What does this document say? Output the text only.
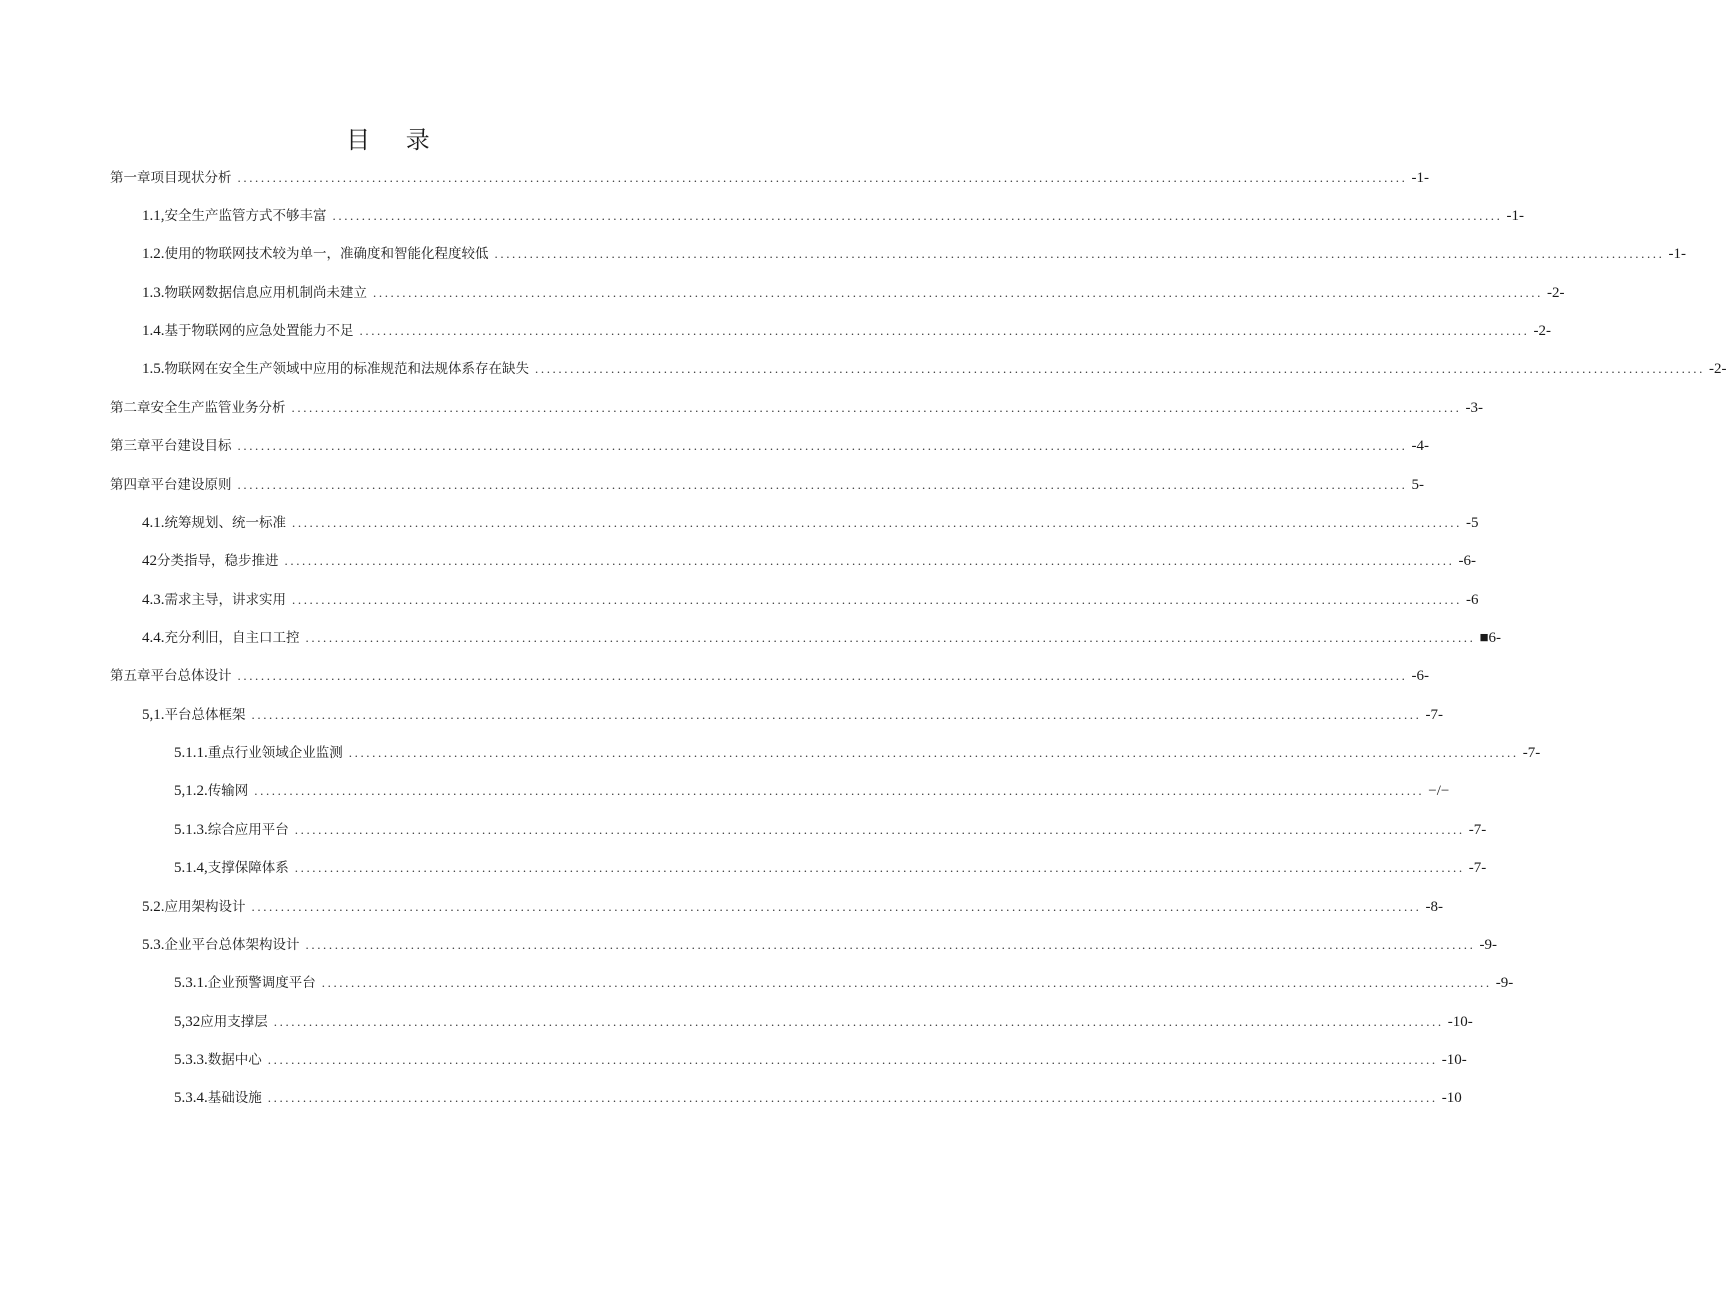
目 录
第一章项目现状分析 ........................................................................................................................................................................................................ -1-
1.1, 安全生产监管方式不够丰富 ........................................................................................................................................................................................................ -1-
1.2. 使用的物联网技术较为单一，准确度和智能化程度较低 ........................................................................................................................................................................................................ -1-
1.3. 物联网数据信息应用机制尚未建立 ........................................................................................................................................................................................................ -2-
1.4. 基于物联网的应急处置能力不足 ........................................................................................................................................................................................................ -2-
1.5. 物联网在安全生产领域中应用的标准规范和法规体系存在缺失 ........................................................................................................................................................................................................ -2-
第二章安全生产监管业务分析 ........................................................................................................................................................................................................ -3-
第三章平台建设目标 ........................................................................................................................................................................................................ -4-
第四章平台建设原则 ........................................................................................................................................................................................................ 5-
4.1. 统筹规划、统一标准 ........................................................................................................................................................................................................ -5
42 分类指导，稳步推进 ........................................................................................................................................................................................................ -6-
4.3. 需求主导，讲求实用 ........................................................................................................................................................................................................ -6
4.4. 充分利旧，自主口工控 ........................................................................................................................................................................................................ ■6-
第五章平台总体设计 ........................................................................................................................................................................................................ -6-
5,1. 平台总体框架 ........................................................................................................................................................................................................ -7-
5.1.1. 重点行业领域企业监测 ........................................................................................................................................................................................................ -7-
5,1.2. 传输网 ........................................................................................................................................................................................................ −/−
5.1.3. 综合应用平台 ........................................................................................................................................................................................................ -7-
5.1.4, 支撑保障体系 ........................................................................................................................................................................................................ -7-
5.2. 应用架构设计 ........................................................................................................................................................................................................ -8-
5.3. 企业平台总体架构设计 ........................................................................................................................................................................................................ -9-
5.3.1. 企业预警调度平台 ........................................................................................................................................................................................................ -9-
5,32 应用支撑层 ........................................................................................................................................................................................................ -10-
5.3.3. 数据中心 ........................................................................................................................................................................................................ -10-
5.3.4. 基础设施 ........................................................................................................................................................................................................ -10
